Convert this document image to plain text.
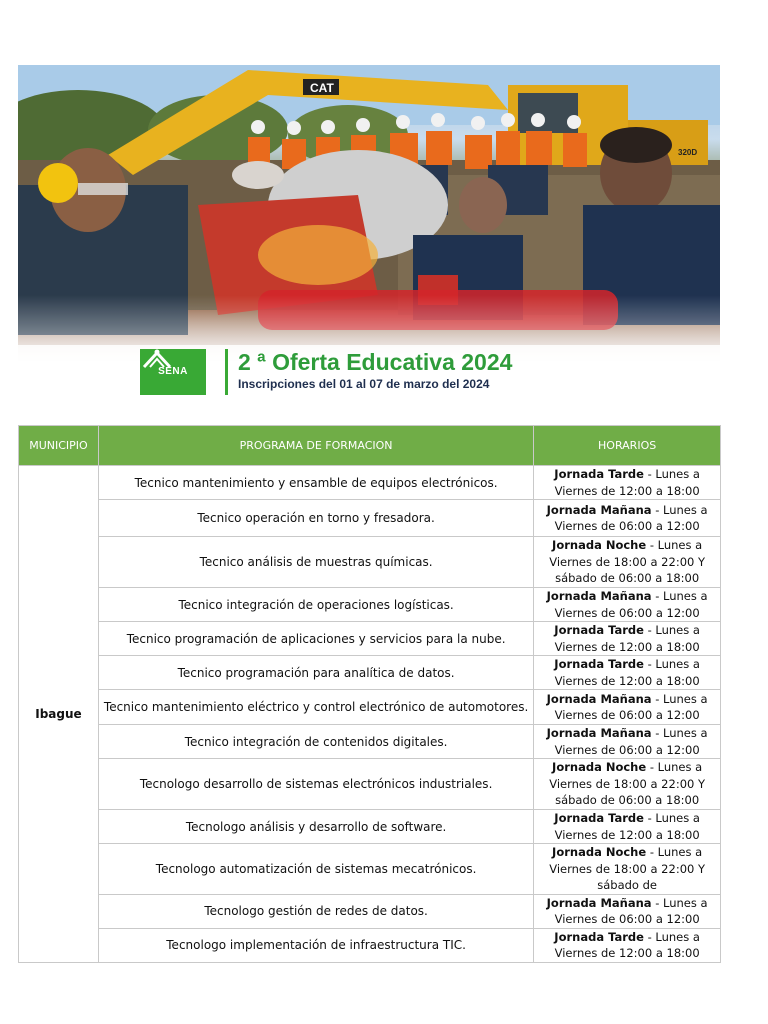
CAT
320D
SENA 2 ª Oferta Educativa 2024
Inscripciones del 01 al 07 de marzo del 2024
MUNICIPIO	PROGRAMA DE FORMACION	HORARIOS
Ibague	Tecnico mantenimiento y ensamble de equipos electrónicos.	Jornada Tarde - Lunes a Viernes de 12:00 a 18:00
	Tecnico operación en torno y fresadora.	Jornada Mañana - Lunes a Viernes de 06:00 a 12:00
	Tecnico análisis de muestras químicas.	Jornada Noche - Lunes a Viernes de 18:00 a 22:00 Y sábado de 06:00 a 18:00
	Tecnico integración de operaciones logísticas.	Jornada Mañana - Lunes a Viernes de 06:00 a 12:00
	Tecnico programación de aplicaciones y servicios para la nube.	Jornada Tarde - Lunes a Viernes de 12:00 a 18:00
	Tecnico programación para analítica de datos.	Jornada Tarde - Lunes a Viernes de 12:00 a 18:00
	Tecnico mantenimiento eléctrico y control electrónico de automotores.	Jornada Mañana - Lunes a Viernes de 06:00 a 12:00
	Tecnico integración de contenidos digitales.	Jornada Mañana - Lunes a Viernes de 06:00 a 12:00
	Tecnologo desarrollo de sistemas electrónicos industriales.	Jornada Noche - Lunes a Viernes de 18:00 a 22:00 Y sábado de 06:00 a 18:00
	Tecnologo análisis y desarrollo de software.	Jornada Tarde - Lunes a Viernes de 12:00 a 18:00
	Tecnologo automatización de sistemas mecatrónicos.	Jornada Noche - Lunes a Viernes de 18:00 a 22:00 Y sábado de
	Tecnologo gestión de redes de datos.	Jornada Mañana - Lunes a Viernes de 06:00 a 12:00
	Tecnologo implementación de infraestructura TIC.	Jornada Tarde - Lunes a Viernes de 12:00 a 18:00
